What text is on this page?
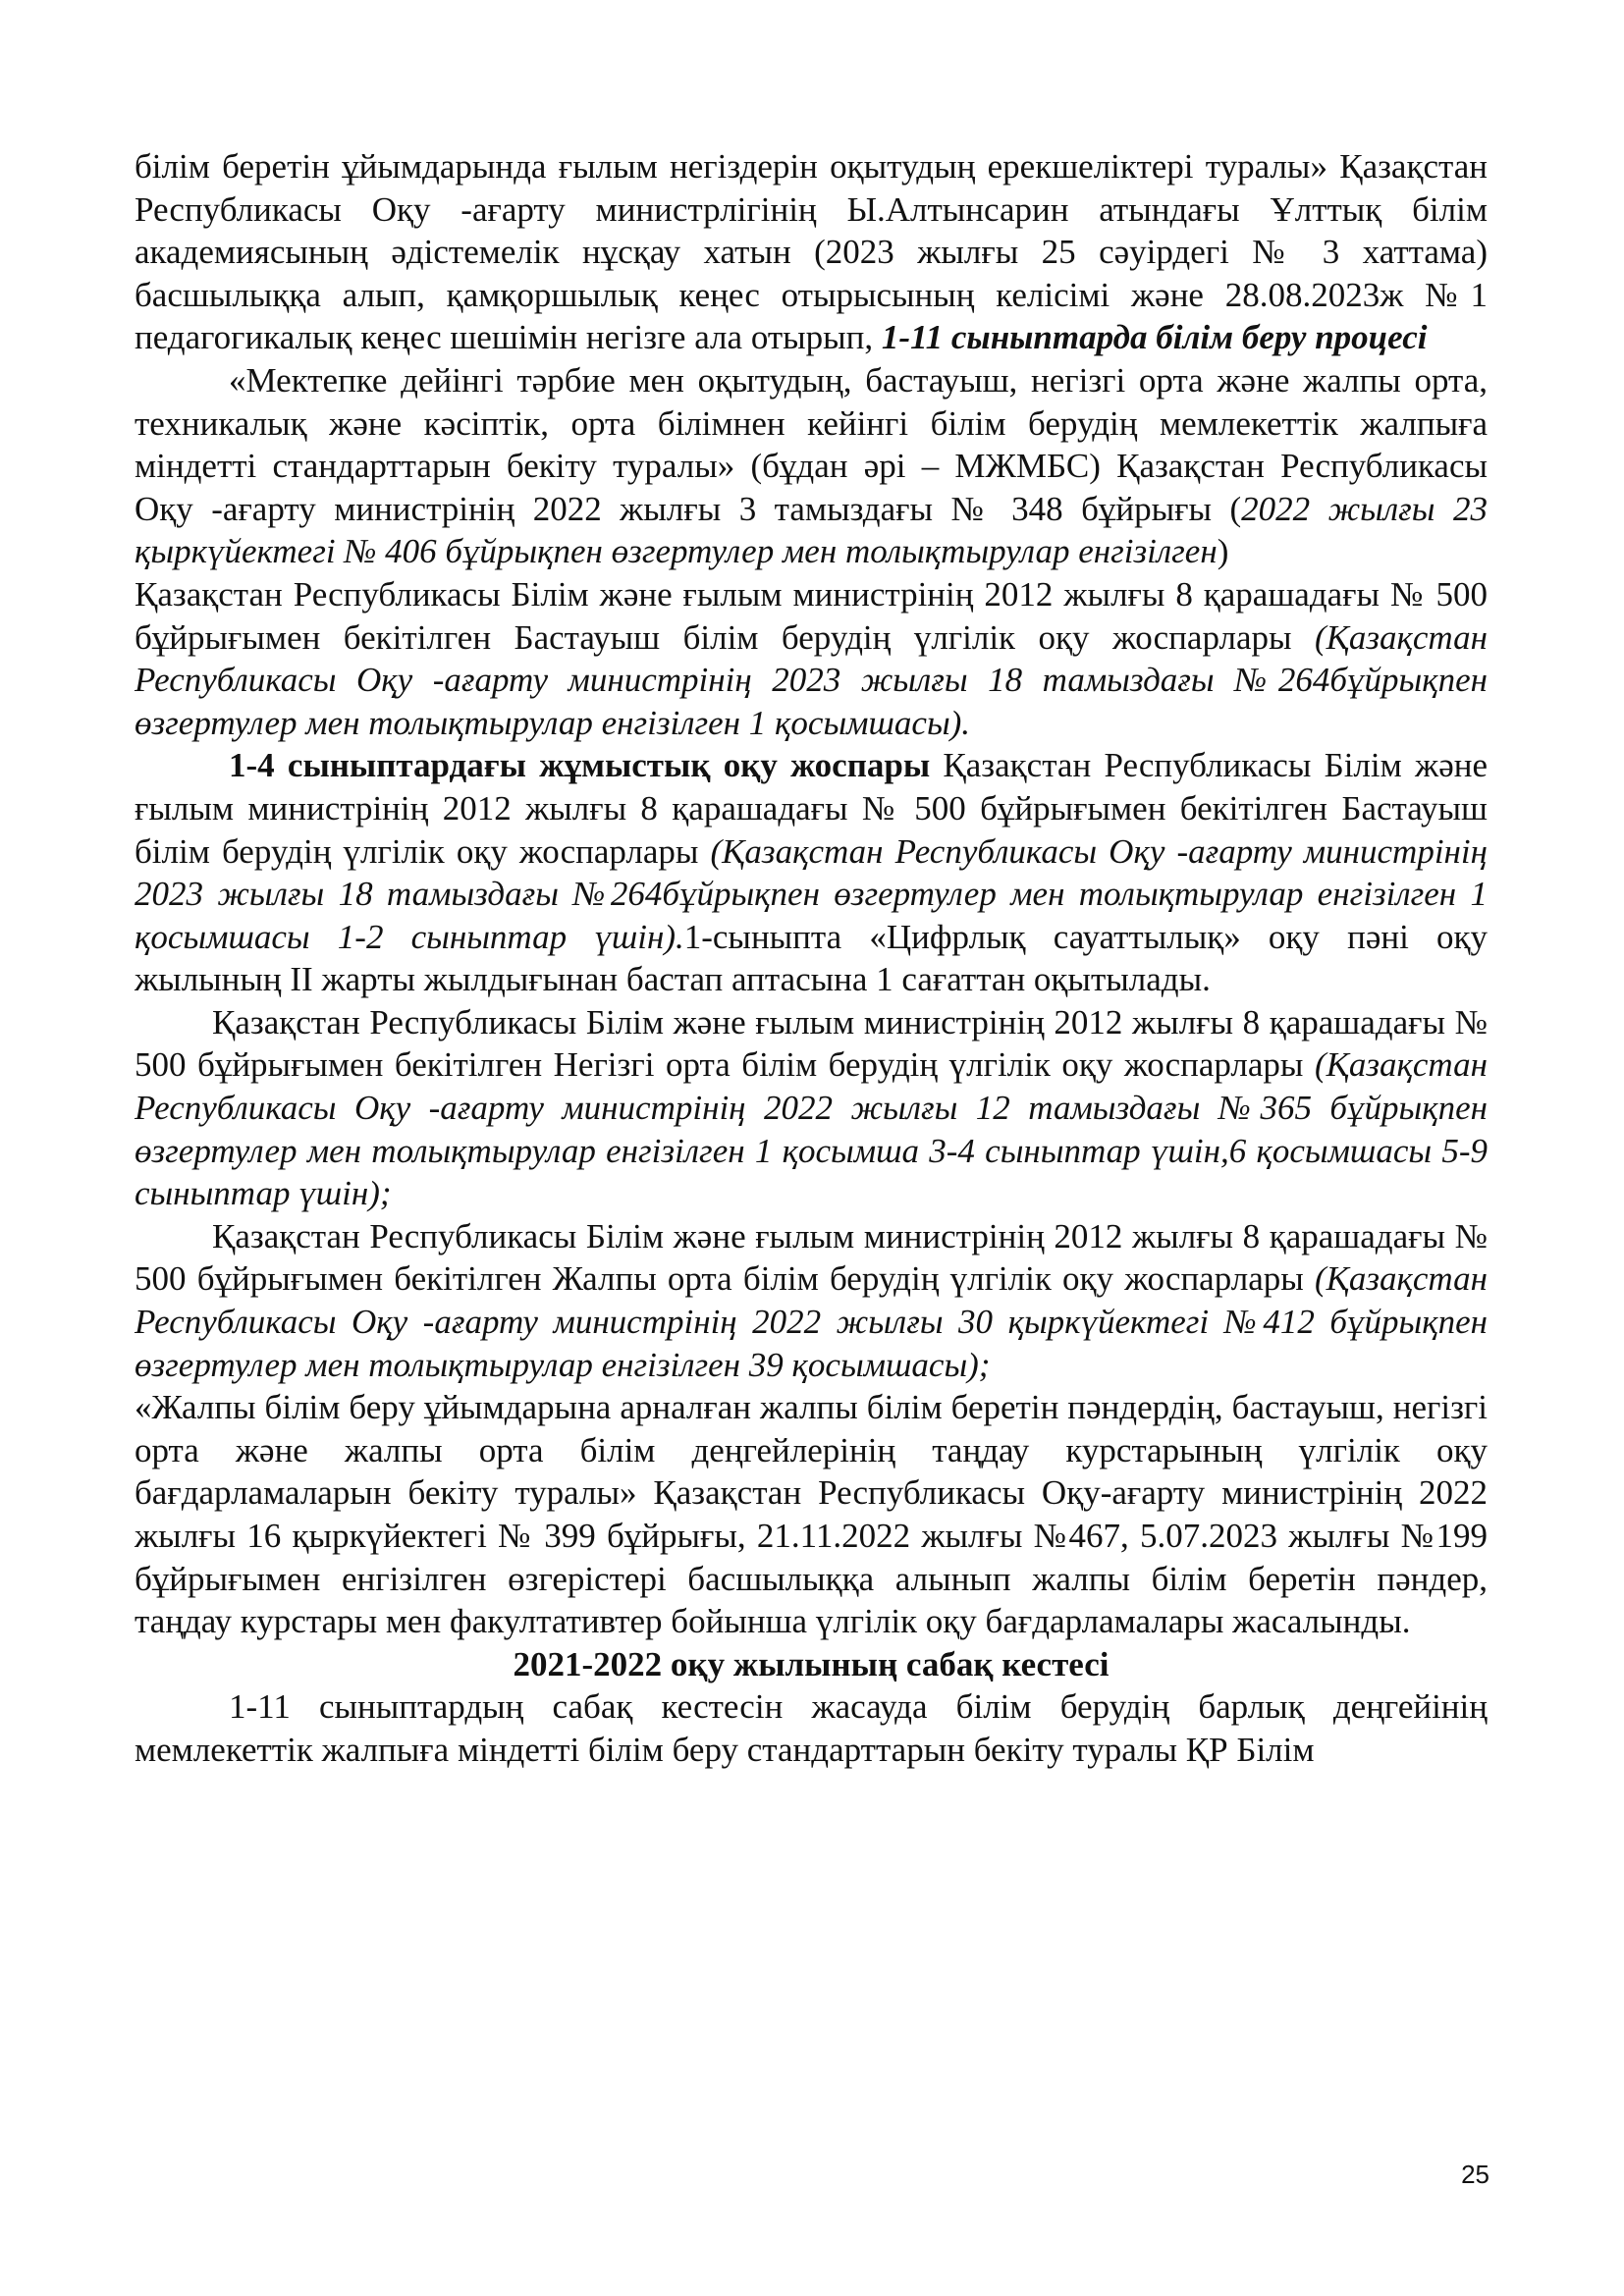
білім беретін ұйымдарында ғылым негіздерін оқытудың ерекшеліктері туралы» Қазақстан Республикасы Оқу -ағарту министрлігінің Ы.Алтынсарин атындағы Ұлттық білім академиясының әдістемелік нұсқау хатын (2023 жылғы 25 сәуірдегі № 3 хаттама) басшылыққа алып, қамқоршылық кеңес отырысының келісімі және 28.08.2023ж №1 педагогикалық кеңес шешімін негізге ала отырып, 1-11 сыныптарда білім беру процесі

«Мектепке дейінгі тәрбие мен оқытудың, бастауыш, негізгі орта және жалпы орта, техникалық және кәсіптік, орта білімнен кейінгі білім берудің мемлекеттік жалпыға міндетті стандарттарын бекіту туралы» (бұдан әрі – МЖМБС) Қазақстан Республикасы Оқу -ағарту министрінің 2022 жылғы 3 тамыздағы № 348 бұйрығы (2022 жылғы 23 қыркүйектегі № 406 бұйрықпен өзгертулер мен толықтырулар енгізілген)

Қазақстан Республикасы Білім және ғылым министрінің 2012 жылғы 8 қарашадағы № 500 бұйрығымен бекітілген Бастауыш білім берудің үлгілік оқу жоспарлары (Қазақстан Республикасы Оқу -ағарту министрінің 2023 жылғы 18 тамыздағы №264бұйрықпен өзгертулер мен толықтырулар енгізілген 1 қосымшасы).

1-4 сыныптардағы жұмыстық оқу жоспары Қазақстан Республикасы Білім және ғылым министрінің 2012 жылғы 8 қарашадағы № 500 бұйрығымен бекітілген Бастауыш білім берудің үлгілік оқу жоспарлары (Қазақстан Республикасы Оқу -ағарту министрінің 2023 жылғы 18 тамыздағы №264бұйрықпен өзгертулер мен толықтырулар енгізілген 1 қосымшасы 1-2 сыныптар үшін).1-сыныпта «Цифрлық сауаттылық» оқу пәні оқу жылының ІІ жарты жылдығынан бастап аптасына 1 сағаттан оқытылады.

Қазақстан Республикасы Білім және ғылым министрінің 2012 жылғы 8 қарашадағы № 500 бұйрығымен бекітілген Негізгі орта білім берудің үлгілік оқу жоспарлары (Қазақстан Республикасы Оқу -ағарту министрінің 2022 жылғы 12 тамыздағы №365 бұйрықпен өзгертулер мен толықтырулар енгізілген 1 қосымша 3-4 сыныптар үшін,6 қосымшасы 5-9 сыныптар үшін);

Қазақстан Республикасы Білім және ғылым министрінің 2012 жылғы 8 қарашадағы № 500 бұйрығымен бекітілген Жалпы орта білім берудің үлгілік оқу жоспарлары (Қазақстан Республикасы Оқу -ағарту министрінің 2022 жылғы 30 қыркүйектегі №412 бұйрықпен өзгертулер мен толықтырулар енгізілген 39 қосымшасы);

«Жалпы білім беру ұйымдарына арналған жалпы білім беретін пәндердің, бастауыш, негізгі орта және жалпы орта білім деңгейлерінің таңдау курстарының үлгілік оқу бағдарламаларын бекіту туралы» Қазақстан Республикасы Оқу-ағарту министрінің 2022 жылғы 16 қыркүйектегі № 399 бұйрығы, 21.11.2022 жылғы №467, 5.07.2023 жылғы №199 бұйрығымен енгізілген өзгерістері басшылыққа алынып жалпы білім беретін пәндер, таңдау курстары мен факултативтер бойынша үлгілік оқу бағдарламалары жасалынды.

2021-2022 оқу жылының сабақ кестесі

1-11 сыныптардың сабақ кестесін жасауда білім берудің барлық деңгейінің мемлекеттік жалпыға міндетті білім беру стандарттарын бекіту туралы ҚР Білім

25
